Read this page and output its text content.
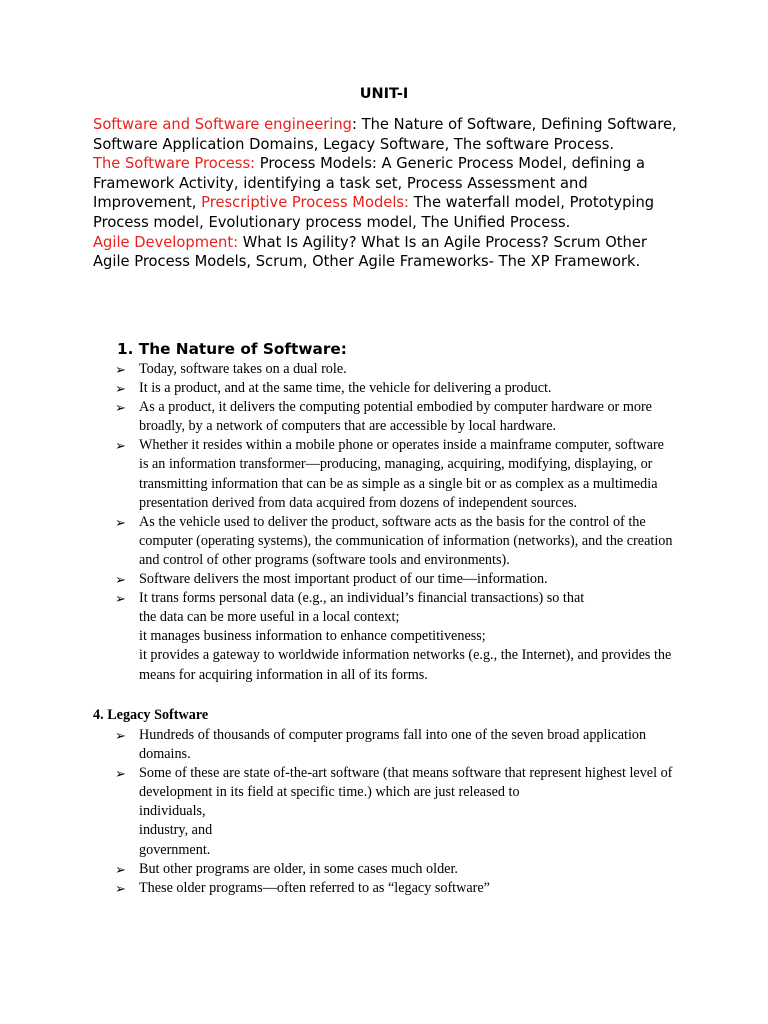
UNIT-I

Software and Software engineering: The Nature of Software, Defining Software, Software Application Domains, Legacy Software, The software Process.

The Software Process: Process Models: A Generic Process Model, defining a Framework Activity, identifying a task set, Process Assessment and Improvement, Prescriptive Process Models: The waterfall model, Prototyping Process model, Evolutionary process model, The Unified Process.

Agile Development: What Is Agility? What Is an Agile Process? Scrum Other Agile Process Models, Scrum, Other Agile Frameworks- The XP Framework.

1. The Nature of Software:
➢ Today, software takes on a dual role.
➢ It is a product, and at the same time, the vehicle for delivering a product.
➢ As a product, it delivers the computing potential embodied by computer hardware or more broadly, by a network of computers that are accessible by local hardware.
➢ Whether it resides within a mobile phone or operates inside a mainframe computer, software is an information transformer—producing, managing, acquiring, modifying, displaying, or transmitting information that can be as simple as a single bit or as complex as a multimedia presentation derived from data acquired from dozens of independent sources.
➢ As the vehicle used to deliver the product, software acts as the basis for the control of the computer (operating systems), the communication of information (networks), and the creation and control of other programs (software tools and environments).
➢ Software delivers the most important product of our time—information.
➢ It trans forms personal data (e.g., an individual’s financial transactions) so that
the data can be more useful in a local context;
it manages business information to enhance competitiveness;
it provides a gateway to worldwide information networks (e.g., the Internet), and provides the means for acquiring information in all of its forms.
4. Legacy Software
➢ Hundreds of thousands of computer programs fall into one of the seven broad application domains.
➢ Some of these are state of-the-art software (that means software that represent highest level of development in its field at specific time.) which are just released to
individuals,
industry, and
government.
➢ But other programs are older, in some cases much older.
➢ These older programs—often referred to as “legacy software”
